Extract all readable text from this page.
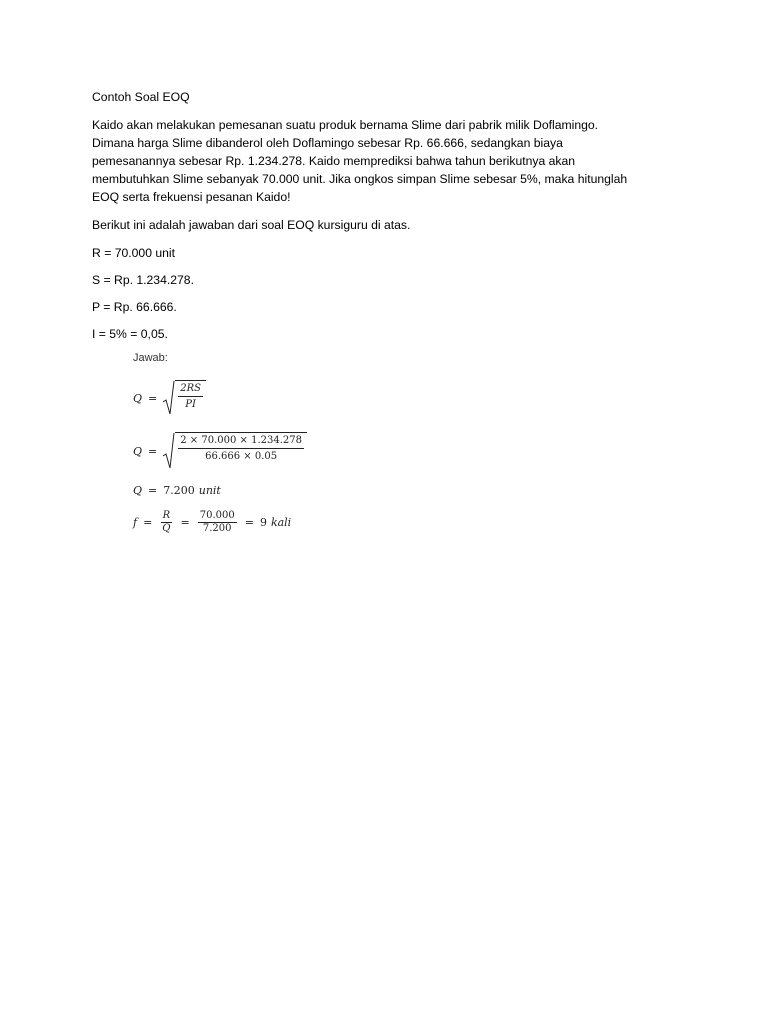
Contoh Soal EOQ
Kaido akan melakukan pemesanan suatu produk bernama Slime dari pabrik milik Doflamingo.
Dimana harga Slime dibanderol oleh Doflamingo sebesar Rp. 66.666, sedangkan biaya
pemesanannya sebesar Rp. 1.234.278. Kaido memprediksi bahwa tahun berikutnya akan
membutuhkan Slime sebanyak 70.000 unit. Jika ongkos simpan Slime sebesar 5%, maka hitunglah
EOQ serta frekuensi pesanan Kaido!
Berikut ini adalah jawaban dari soal EOQ kursiguru di atas.
R = 70.000 unit
S = Rp. 1.234.278.
P = Rp. 66.666.
I = 5% = 0,05.
Jawab:
$Q = \frac{2RS}{PI}$
$Q = \frac{2 \times 70.000 \times 1.234.278}{66.666 \times 0.05}$
Q = 7.200 unit
$f = \frac{R}{Q} = \frac{70.000}{7.200} = 9$ kali
